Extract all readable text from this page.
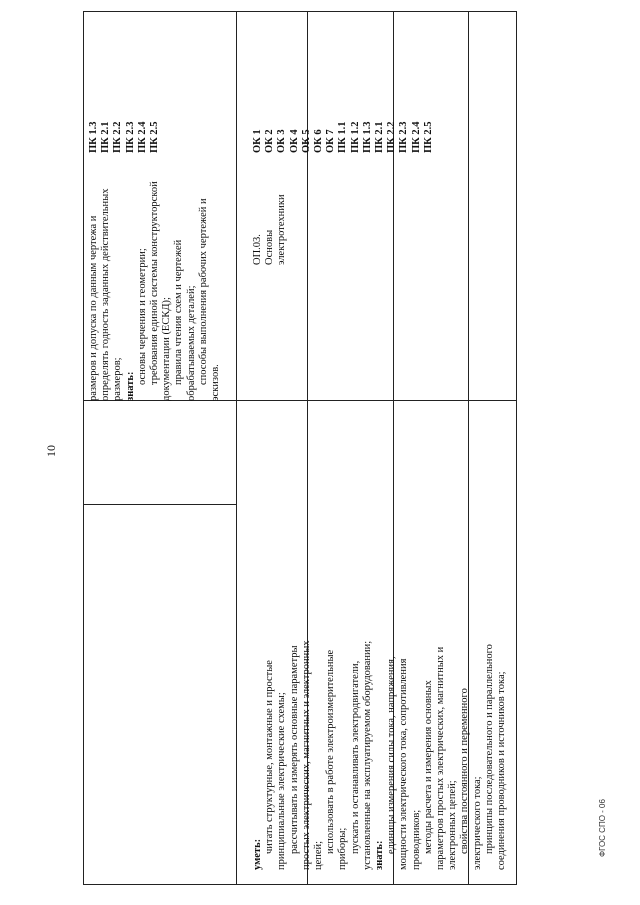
размеров и допуска по данным чертежа и определять годность заданных действительных размеров; знать:
основы черчения и геометрии; требования единой системы конструкторской документации (ЕСКД); правила чтения схем и чертежей обрабатываемых деталей; способы выполнения рабочих чертежей и эскизов.
уметь:
читать структурные, монтажные и простые принципиальные электрические схемы; рассчитывать и измерять основные параметры простых электрических, магнитных и электронных цепей;
использовать в работе электроизмерительные приборы; пускать и останавливать электродвигатели, установленные на эксплуатируемом оборудовании; знать:
единицы измерения силы тока, напряжения, мощности электрического тока, сопротивления проводников; методы расчета и измерения основных параметров простых электрических, магнитных и электронных цепей; свойства постоянного и переменного электрического тока; принципы последовательного и параллельного соединения проводников и источников тока;
ОП.03. Основы электротехники
ПК 1.3 ПК 2.1 ПК 2.2 ПК 2.3 ПК 2.4 ПК 2.5	ОК 1 ОК 2 ОК 3 ОК 4 ОК 5 ОК 6 ОК 7 ПК 1.1 ПК 1.2 ПК 1.3 ПК 2.1 ПК 2.2 ПК 2.3 ПК 2.4 ПК 2.5
10
ФГОС СПО - 06
